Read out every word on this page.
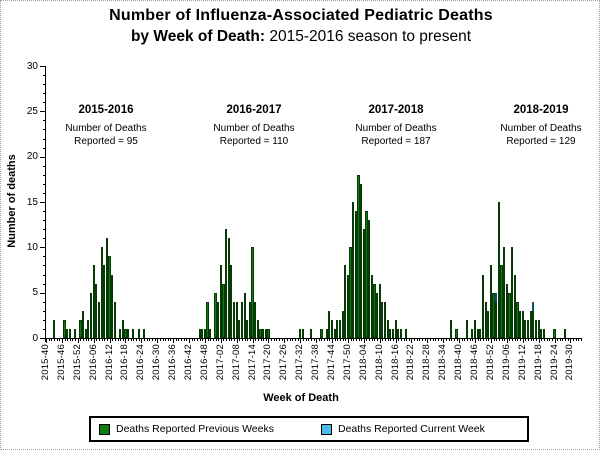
Number of Influenza-Associated Pediatric Deaths
by Week of Death: 2015-2016 season to present
Number of deaths
Week of Death
0
5
10
15
20
25
30
2015-40 2015-46 2015-52 2016-06 2016-12 2016-18 2016-24 2016-30 2016-36 2016-42 2016-48 2017-02 2017-08 2017-14 2017-20 2017-26 2017-32 2017-38 2017-44 2017-50 2018-04 2018-10 2018-16 2018-22 2018-28 2018-34 2018-40 2018-46 2018-52 2019-06 2019-12 2019-18 2019-24 2019-30
2015-2016
Number of Deaths
Reported = 95
2016-2017
Number of Deaths
Reported = 110
2017-2018
Number of Deaths
Reported = 187
2018-2019
Number of Deaths
Reported = 129
Deaths Reported Previous Weeks	Deaths Reported Current Week
